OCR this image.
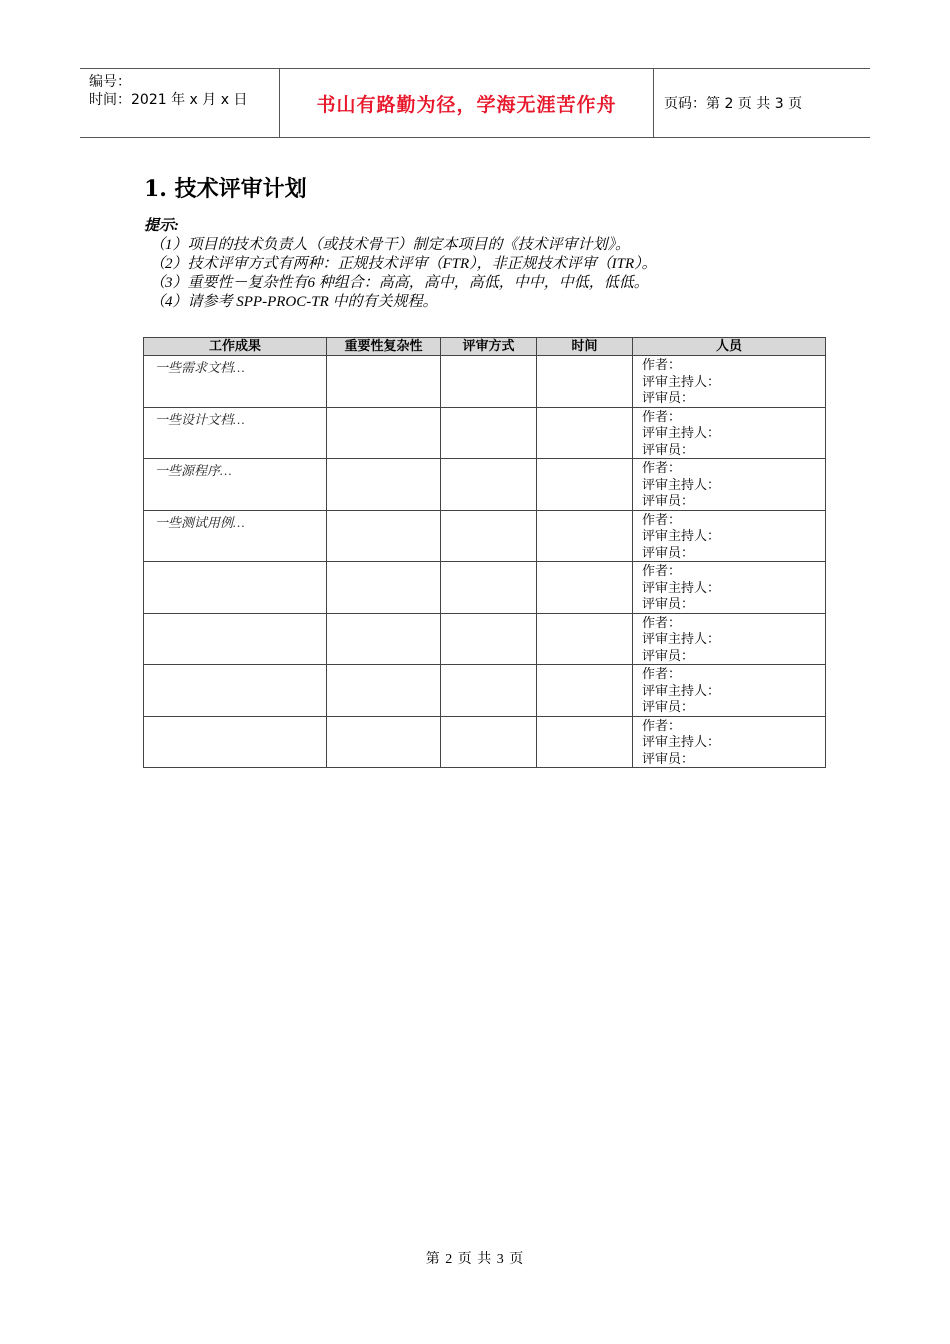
编号：
时间：2021 年 x 月 x 日	书山有路勤为径，学海无涯苦作舟	页码：第 2 页 共 3 页
1. 技术评审计划
提示:
（1）项目的技术负责人（或技术骨干）制定本项目的《技术评审计划》。
（2）技术评审方式有两种：正规技术评审（FTR），非正规技术评审（ITR）。
（3）重要性－复杂性有6 种组合：高高，高中，高低，中中，中低，低低。
（4）请参考 SPP-PROC-TR 中的有关规程。
工作成果	重要性复杂性	评审方式	时间	人员
一些需求文档…				作者：
评审主持人：
评审员：

一些设计文档…				作者：
评审主持人：
评审员：

一些源程序…				作者：
评审主持人：
评审员：

一些测试用例…				作者：
评审主持人：
评审员：

				作者：
评审主持人：
评审员：

				作者：
评审主持人：
评审员：

				作者：
评审主持人：
评审员：

				作者：
评审主持人：
评审员：
第 2 页 共 3 页
